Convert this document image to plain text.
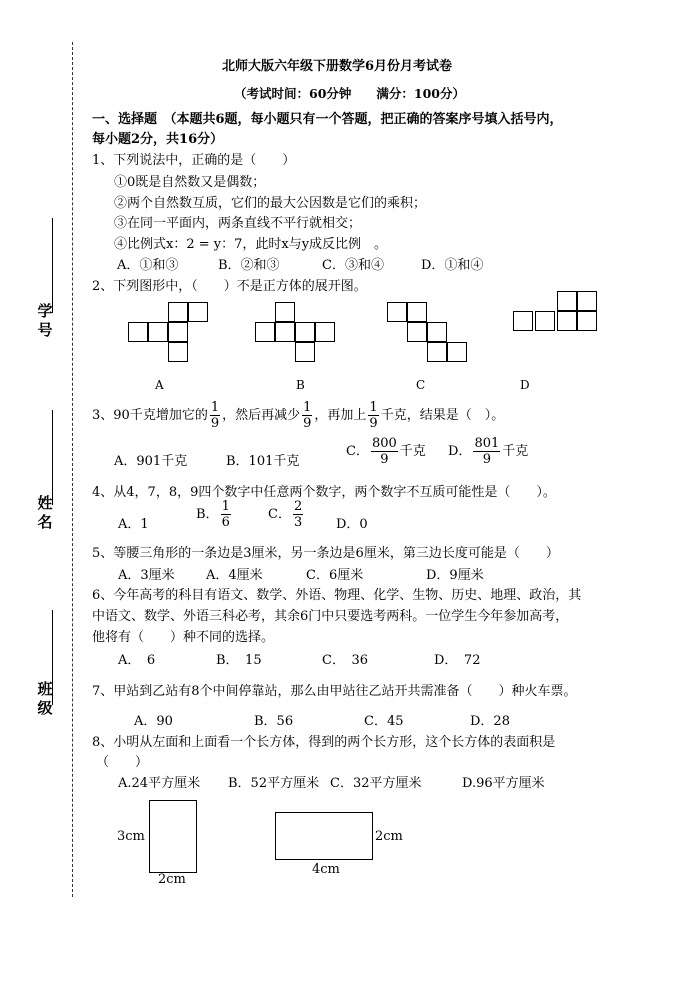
学号
姓名
班级
北师大版六年级下册数学6月份月考试卷
（考试时间：60分钟　　满分：100分）
一、选择题　（本题共6题，每小题只有一个答题，把正确的答案序号填入括号内，
每小题2分，共16分）
1、下列说法中，正确的是（　　）
①0既是自然数又是偶数；
②两个自然数互质，它们的最大公因数是它们的乘积；
③在同一平面内，两条直线不平行就相交；
④比例式x：2 = y：7，此时x与y成反比例　。
A．①和③	B．②和③	C．③和④	D．①和④
2、下列图形中，（　　）不是正方体的展开图。
A	B	C	D
3、90千克增加它的 $\frac{1}{9}$ ，然后再减少 $\frac{1}{9}$ ，再加上 $\frac{1}{9}$ 千克，结果是（　）。
A．901千克	B．101千克
C． $\frac{800}{9}$ 千克 D． $\frac{801}{9}$ 千克
4、从4，7，8，9四个数字中任意两个数字，两个数字不互质可能性是（　　）。
A．1
B． $\frac{1}{6}$	C． $\frac{2}{3}$	D．0
5、等腰三角形的一条边是3厘米，另一条边是6厘米，第三边长度可能是（　　）
A．3厘米 A．4厘米	C．6厘米	D．9厘米
6、今年高考的科目有语文、数学、外语、物理、化学、生物、历史、地理、政治，其
中语文、数学、外语三科必考，其余6门中只要选考两科。一位学生今年参加高考，
他将有（　　）种不同的选择。
A．　6	B．　15	C．　36	D．　72
7、甲站到乙站有8个中间停靠站，那么由甲站往乙站开共需准备（　　）种火车票。
A．90	B．56	C．45	D．28
8、小明从左面和上面看一个长方体，得到的两个长方形，这个长方体的表面积是
（　　）
A.24平方厘米 B．52平方厘米 C．32平方厘米	D.96平方厘米
3cm
2cm
2cm
4cm
